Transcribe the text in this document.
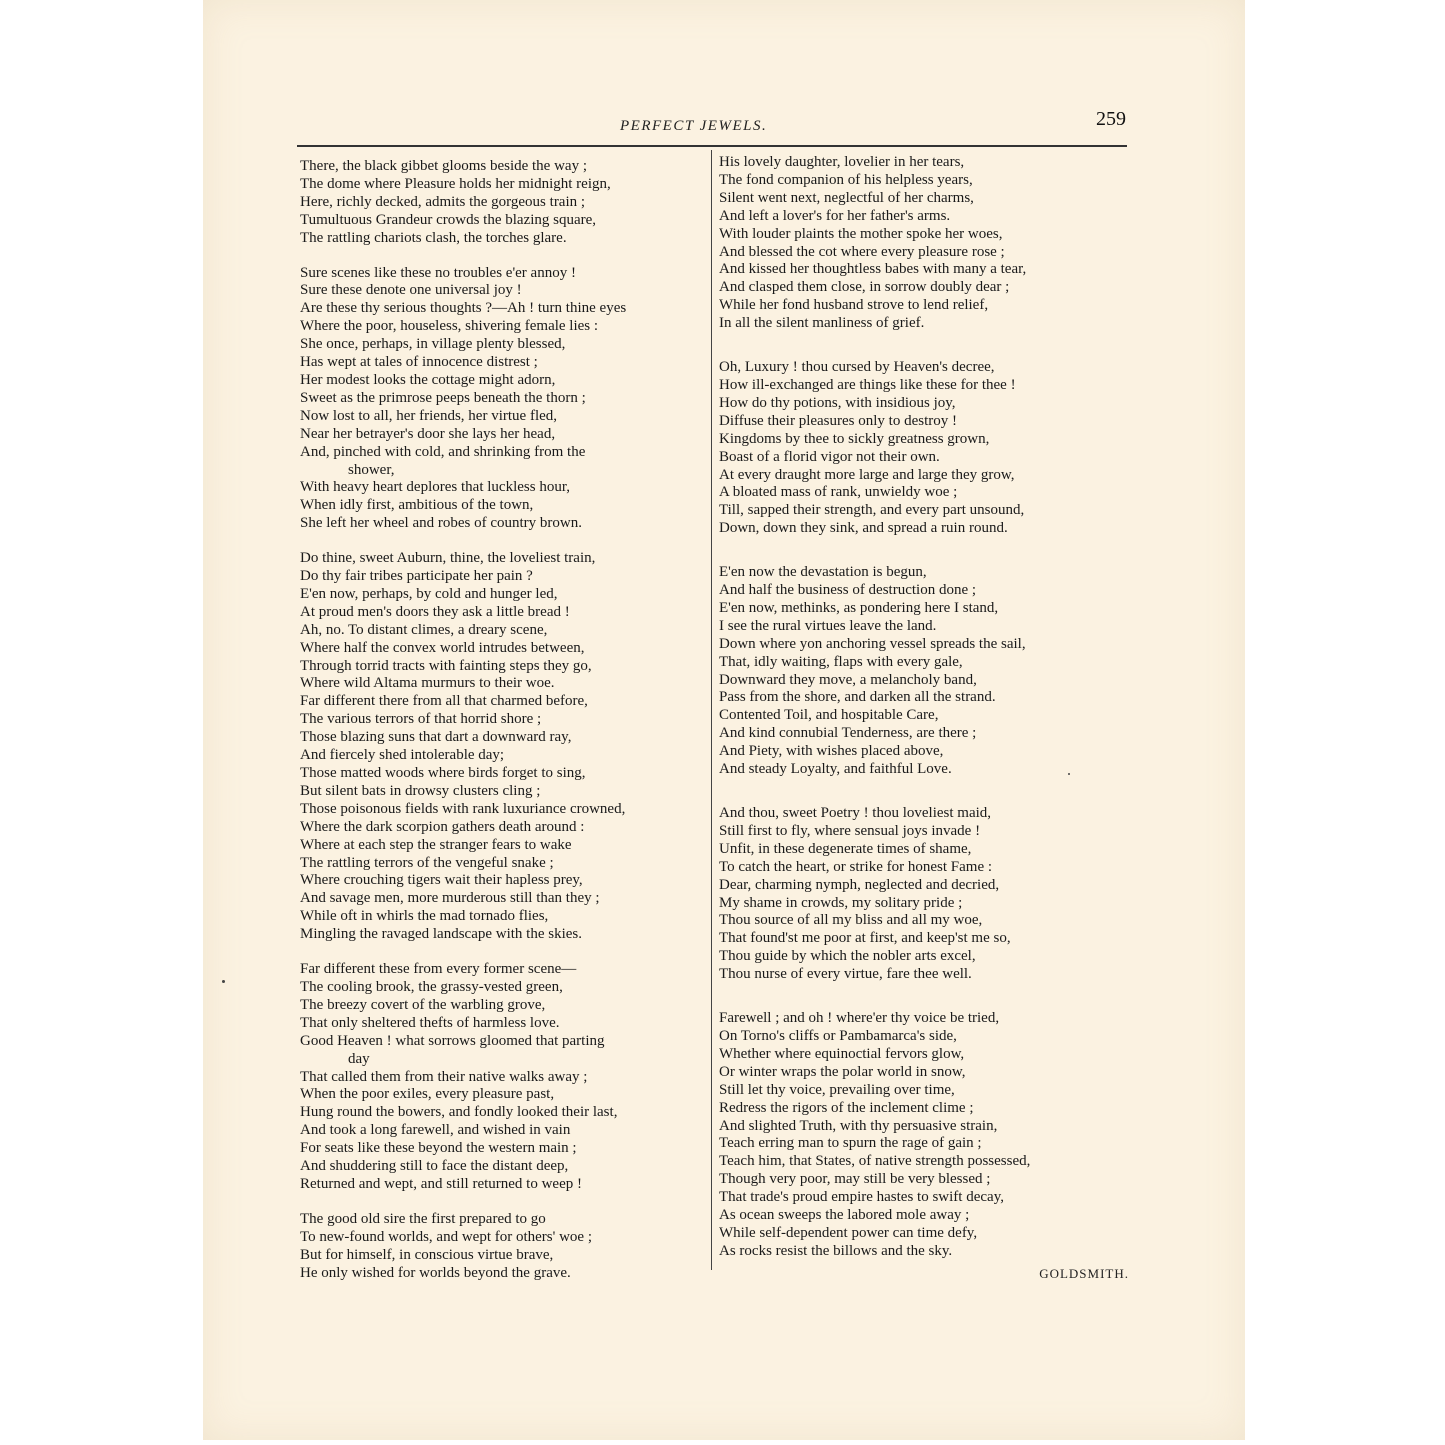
PERFECT JEWELS.	259
There, the black gibbet glooms beside the way ;
The dome where Pleasure holds her midnight reign,
Here, richly decked, admits the gorgeous train ;
Tumultuous Grandeur crowds the blazing square,
The rattling chariots clash, the torches glare.
Sure scenes like these no troubles e'er annoy !
Sure these denote one universal joy !
Are these thy serious thoughts ?—Ah ! turn thine eyes
Where the poor, houseless, shivering female lies :
She once, perhaps, in village plenty blessed,
Has wept at tales of innocence distrest ;
Her modest looks the cottage might adorn,
Sweet as the primrose peeps beneath the thorn ;
Now lost to all, her friends, her virtue fled,
Near her betrayer's door she lays her head,
And, pinched with cold, and shrinking from the
shower,
With heavy heart deplores that luckless hour,
When idly first, ambitious of the town,
She left her wheel and robes of country brown.
Do thine, sweet Auburn, thine, the loveliest train,
Do thy fair tribes participate her pain ?
E'en now, perhaps, by cold and hunger led,
At proud men's doors they ask a little bread !
Ah, no. To distant climes, a dreary scene,
Where half the convex world intrudes between,
Through torrid tracts with fainting steps they go,
Where wild Altama murmurs to their woe.
Far different there from all that charmed before,
The various terrors of that horrid shore ;
Those blazing suns that dart a downward ray,
And fiercely shed intolerable day;
Those matted woods where birds forget to sing,
But silent bats in drowsy clusters cling ;
Those poisonous fields with rank luxuriance crowned,
Where the dark scorpion gathers death around :
Where at each step the stranger fears to wake
The rattling terrors of the vengeful snake ;
Where crouching tigers wait their hapless prey,
And savage men, more murderous still than they ;
While oft in whirls the mad tornado flies,
Mingling the ravaged landscape with the skies.
Far different these from every former scene—
The cooling brook, the grassy-vested green,
The breezy covert of the warbling grove,
That only sheltered thefts of harmless love.
Good Heaven ! what sorrows gloomed that parting
day
That called them from their native walks away ;
When the poor exiles, every pleasure past,
Hung round the bowers, and fondly looked their last,
And took a long farewell, and wished in vain
For seats like these beyond the western main ;
And shuddering still to face the distant deep,
Returned and wept, and still returned to weep !
The good old sire the first prepared to go
To new-found worlds, and wept for others' woe ;
But for himself, in conscious virtue brave,
He only wished for worlds beyond the grave.
His lovely daughter, lovelier in her tears,
The fond companion of his helpless years,
Silent went next, neglectful of her charms,
And left a lover's for her father's arms.
With louder plaints the mother spoke her woes,
And blessed the cot where every pleasure rose ;
And kissed her thoughtless babes with many a tear,
And clasped them close, in sorrow doubly dear ;
While her fond husband strove to lend relief,
In all the silent manliness of grief.
Oh, Luxury ! thou cursed by Heaven's decree,
How ill-exchanged are things like these for thee !
How do thy potions, with insidious joy,
Diffuse their pleasures only to destroy !
Kingdoms by thee to sickly greatness grown,
Boast of a florid vigor not their own.
At every draught more large and large they grow,
A bloated mass of rank, unwieldy woe ;
Till, sapped their strength, and every part unsound,
Down, down they sink, and spread a ruin round.
E'en now the devastation is begun,
And half the business of destruction done ;
E'en now, methinks, as pondering here I stand,
I see the rural virtues leave the land.
Down where yon anchoring vessel spreads the sail,
That, idly waiting, flaps with every gale,
Downward they move, a melancholy band,
Pass from the shore, and darken all the strand.
Contented Toil, and hospitable Care,
And kind connubial Tenderness, are there ;
And Piety, with wishes placed above,
And steady Loyalty, and faithful Love.
And thou, sweet Poetry ! thou loveliest maid,
Still first to fly, where sensual joys invade !
Unfit, in these degenerate times of shame,
To catch the heart, or strike for honest Fame :
Dear, charming nymph, neglected and decried,
My shame in crowds, my solitary pride ;
Thou source of all my bliss and all my woe,
That found'st me poor at first, and keep'st me so,
Thou guide by which the nobler arts excel,
Thou nurse of every virtue, fare thee well.
Farewell ; and oh ! where'er thy voice be tried,
On Torno's cliffs or Pambamarca's side,
Whether where equinoctial fervors glow,
Or winter wraps the polar world in snow,
Still let thy voice, prevailing over time,
Redress the rigors of the inclement clime ;
And slighted Truth, with thy persuasive strain,
Teach erring man to spurn the rage of gain ;
Teach him, that States, of native strength possessed,
Though very poor, may still be very blessed ;
That trade's proud empire hastes to swift decay,
As ocean sweeps the labored mole away ;
While self-dependent power can time defy,
As rocks resist the billows and the sky.
GOLDSMITH.
